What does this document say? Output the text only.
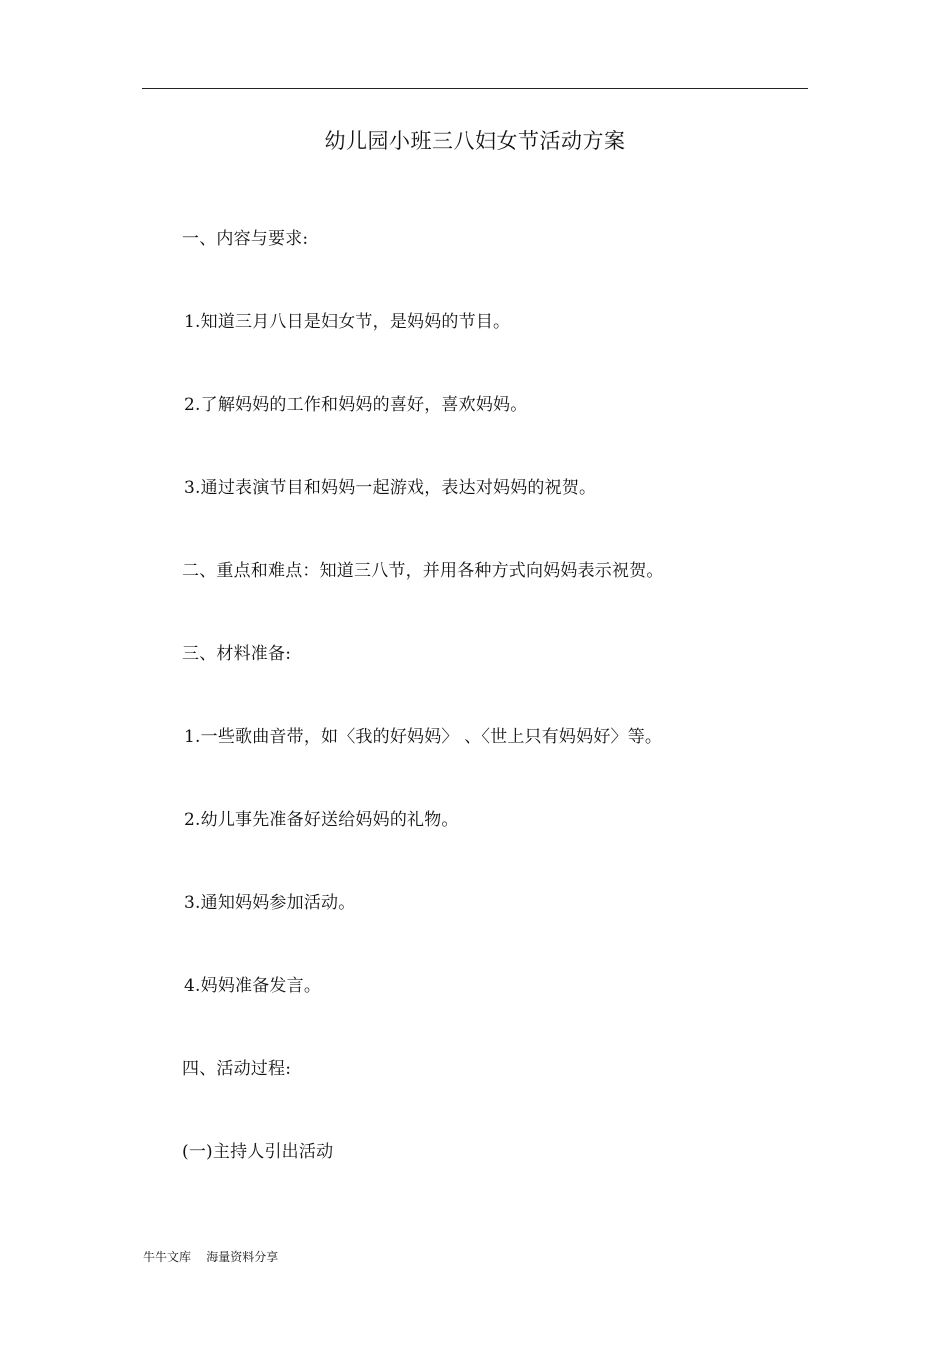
幼儿园小班三八妇女节活动方案
一、内容与要求:
1.知道三月八日是妇女节，是妈妈的节目。
2.了解妈妈的工作和妈妈的喜好，喜欢妈妈。
3.通过表演节目和妈妈一起游戏，表达对妈妈的祝贺。
二、重点和难点：知道三八节，并用各种方式向妈妈表示祝贺。
三、材料准备:
1.一些歌曲音带，如〈我的好妈妈〉 、〈世上只有妈妈好〉等。
2.幼儿事先准备好送给妈妈的礼物。
3.通知妈妈参加活动。
4.妈妈准备发言。
四、活动过程:
(一)主持人引出活动
牛牛文库    海量资料分享
